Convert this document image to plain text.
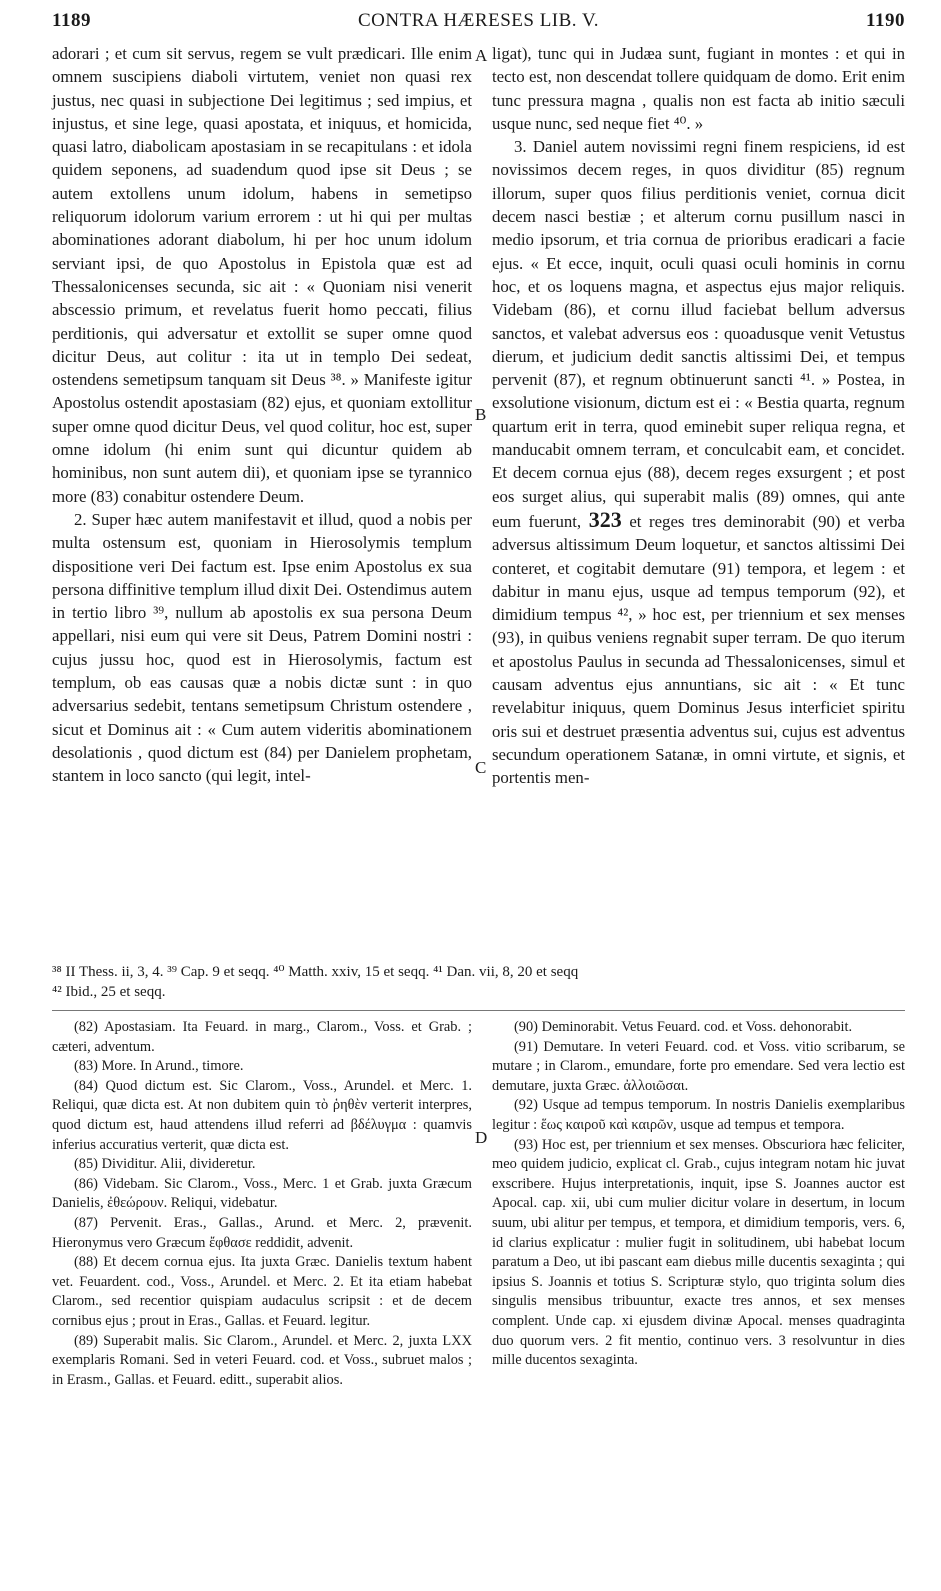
1189	CONTRA HÆRESES LIB. V.	1190

adorari ; et cum sit servus, regem se vult prædicari. Ille enim omnem suscipiens diaboli virtutem, veniet non quasi rex justus, nec quasi in subjectione Dei legitimus ; sed impius, et injustus, et sine lege, quasi apostata, et iniquus, et homicida, quasi latro, diabolicam apostasiam in se recapitulans : et idola quidem seponens, ad suadendum quod ipse sit Deus ; se autem extollens unum idolum, habens in semetipso reliquorum idolorum varium errorem : ut hi qui per multas abominationes adorant diabolum, hi per hoc unum idolum serviant ipsi, de quo Apostolus in Epistola quæ est ad Thessalonicenses secunda, sic ait : « Quoniam nisi venerit abscessio primum, et revelatus fuerit homo peccati, filius perditionis, qui adversatur et extollit se super omne quod dicitur Deus, aut colitur : ita ut in templo Dei sedeat, ostendens semetipsum tanquam sit Deus ³⁸. » Manifeste igitur Apostolus ostendit apostasiam (82) ejus, et quoniam extollitur super omne quod dicitur Deus, vel quod colitur, hoc est, super omne idolum (hi enim sunt qui dicuntur quidem ab hominibus, non sunt autem dii), et quoniam ipse se tyrannico more (83) conabitur ostendere Deum.

2. Super hæc autem manifestavit et illud, quod a nobis per multa ostensum est, quoniam in Hierosolymis templum dispositione veri Dei factum est. Ipse enim Apostolus ex sua persona diffinitive templum illud dixit Dei. Ostendimus autem in tertio libro ³⁹, nullum ab apostolis ex sua persona Deum appellari, nisi eum qui vere sit Deus, Patrem Domini nostri : cujus jussu hoc, quod est in Hierosolymis, factum est templum, ob eas causas quæ a nobis dictæ sunt : in quo adversarius sedebit, tentans semetipsum Christum ostendere , sicut et Dominus ait : « Cum autem videritis abominationem desolationis , quod dictum est (84) per Danielem prophetam, stantem in loco sancto (qui legit, intel-

A
B
C

ligat), tunc qui in Judæa sunt, fugiant in montes : et qui in tecto est, non descendat tollere quidquam de domo. Erit enim tunc pressura magna , qualis non est facta ab initio sæculi usque nunc, sed neque fiet ⁴⁰. »

3. Daniel autem novissimi regni finem respiciens, id est novissimos decem reges, in quos dividitur (85) regnum illorum, super quos filius perditionis veniet, cornua dicit decem nasci bestiæ ; et alterum cornu pusillum nasci in medio ipsorum, et tria cornua de prioribus eradicari a facie ejus. « Et ecce, inquit, oculi quasi oculi hominis in cornu hoc, et os loquens magna, et aspectus ejus major reliquis. Videbam (86), et cornu illud faciebat bellum adversus sanctos, et valebat adversus eos : quoadusque venit Vetustus dierum, et judicium dedit sanctis altissimi Dei, et tempus pervenit (87), et regnum obtinuerunt sancti ⁴¹. » Postea, in exsolutione visionum, dictum est ei : « Bestia quarta, regnum quartum erit in terra, quod eminebit super reliqua regna, et manducabit omnem terram, et conculcabit eam, et concidet. Et decem cornua ejus (88), decem reges exsurgent ; et post eos surget alius, qui superabit malis (89) omnes, qui ante eum fuerunt, 323 et reges tres deminorabit (90) et verba adversus altissimum Deum loquetur, et sanctos altissimi Dei conteret, et cogitabit demutare (91) tempora, et legem : et dabitur in manu ejus, usque ad tempus temporum (92), et dimidium tempus ⁴², » hoc est, per triennium et sex menses (93), in quibus veniens regnabit super terram. De quo iterum et apostolus Paulus in secunda ad Thessalonicenses, simul et causam adventus ejus annuntians, sic ait : « Et tunc revelabitur iniquus, quem Dominus Jesus interficiet spiritu oris sui et destruet præsentia adventus sui, cujus est adventus secundum operationem Satanæ, in omni virtute, et signis, et portentis men-

³⁸ II Thess. ii, 3, 4. ³⁹ Cap. 9 et seqq. ⁴⁰ Matth. xxiv, 15 et seqq. ⁴¹ Dan. vii, 8, 20 et seqq
⁴² Ibid., 25 et seqq.

(82) Apostasiam. Ita Feuard. in marg., Clarom., Voss. et Grab. ; cæteri, adventum.

(83) More. In Arund., timore.

(84) Quod dictum est. Sic Clarom., Voss., Arundel. et Merc. 1. Reliqui, quæ dicta est. At non dubitem quin τὸ ῥηθὲν verterit interpres, quod dictum est, haud attendens illud referri ad βδέλυγμα : quamvis inferius accuratius verterit, quæ dicta est.

(85) Dividitur. Alii, divideretur.

(86) Videbam. Sic Clarom., Voss., Merc. 1 et Grab. juxta Græcum Danielis, ἐθεώρουν. Reliqui, videbatur.

(87) Pervenit. Eras., Gallas., Arund. et Merc. 2, prævenit. Hieronymus vero Græcum ἔφθασε reddidit, advenit.

(88) Et decem cornua ejus. Ita juxta Græc. Danielis textum habent vet. Feuardent. cod., Voss., Arundel. et Merc. 2. Et ita etiam habebat Clarom., sed recentior quispiam audaculus scripsit : et de decem cornibus ejus ; prout in Eras., Gallas. et Feuard. legitur.

(89) Superabit malis. Sic Clarom., Arundel. et Merc. 2, juxta LXX exemplaris Romani. Sed in veteri Feuard. cod. et Voss., subruet malos ; in Erasm., Gallas. et Feuard. editt., superabit alios.

D

(90) Deminorabit. Vetus Feuard. cod. et Voss. dehonorabit.

(91) Demutare. In veteri Feuard. cod. et Voss. vitio scribarum, se mutare ; in Clarom., emundare, forte pro emendare. Sed vera lectio est demutare, juxta Græc. ἀλλοιῶσαι.

(92) Usque ad tempus temporum. In nostris Danielis exemplaribus legitur : ἕως καιροῦ καὶ καιρῶν, usque ad tempus et tempora.

(93) Hoc est, per triennium et sex menses. Obscuriora hæc feliciter, meo quidem judicio, explicat cl. Grab., cujus integram notam hic juvat exscribere. Hujus interpretationis, inquit, ipse S. Joannes auctor est Apocal. cap. xii, ubi cum mulier dicitur volare in desertum, in locum suum, ubi alitur per tempus, et tempora, et dimidium temporis, vers. 6, id clarius explicatur : mulier fugit in solitudinem, ubi habebat locum paratum a Deo, ut ibi pascant eam diebus mille ducentis sexaginta ; qui ipsius S. Joannis et totius S. Scripturæ stylo, quo triginta solum dies singulis mensibus tribuuntur, exacte tres annos, et sex menses complent. Unde cap. xi ejusdem divinæ Apocal. menses quadraginta duo quorum vers. 2 fit mentio, continuo vers. 3 resolvuntur in dies mille ducentos sexaginta.
